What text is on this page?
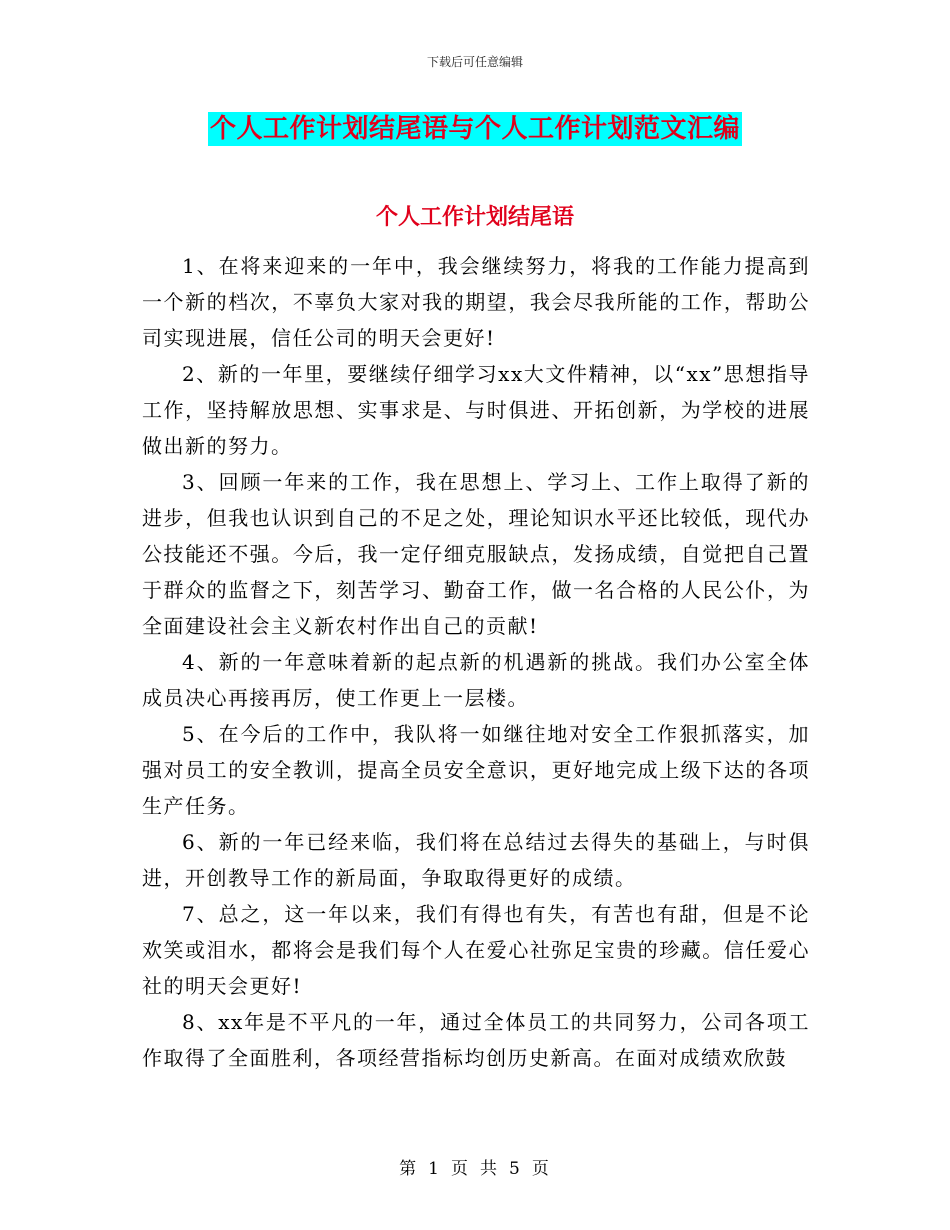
下载后可任意编辑
个人工作计划结尾语与个人工作计划范文汇编
个人工作计划结尾语

1、在将来迎来的一年中，我会继续努力，将我的工作能力提高到一个新的档次，不辜负大家对我的期望，我会尽我所能的工作，帮助公司实现进展，信任公司的明天会更好!

2、新的一年里，要继续仔细学习xx大文件精神，以“xx”思想指导工作，坚持解放思想、实事求是、与时俱进、开拓创新，为学校的进展做出新的努力。

3、回顾一年来的工作，我在思想上、学习上、工作上取得了新的进步，但我也认识到自己的不足之处，理论知识水平还比较低，现代办公技能还不强。今后，我一定仔细克服缺点，发扬成绩，自觉把自己置于群众的监督之下，刻苦学习、勤奋工作，做一名合格的人民公仆，为全面建设社会主义新农村作出自己的贡献!

4、新的一年意味着新的起点新的机遇新的挑战。我们办公室全体成员决心再接再厉，使工作更上一层楼。

5、在今后的工作中，我队将一如继往地对安全工作狠抓落实，加强对员工的安全教训，提高全员安全意识，更好地完成上级下达的各项生产任务。

6、新的一年已经来临，我们将在总结过去得失的基础上，与时俱进，开创教导工作的新局面，争取取得更好的成绩。

7、总之，这一年以来，我们有得也有失，有苦也有甜，但是不论欢笑或泪水，都将会是我们每个人在爱心社弥足宝贵的珍藏。信任爱心社的明天会更好!

8、xx年是不平凡的一年，通过全体员工的共同努力，公司各项工作取得了全面胜利，各项经营指标均创历史新高。在面对成绩欢欣鼓

第 1 页 共 5 页
